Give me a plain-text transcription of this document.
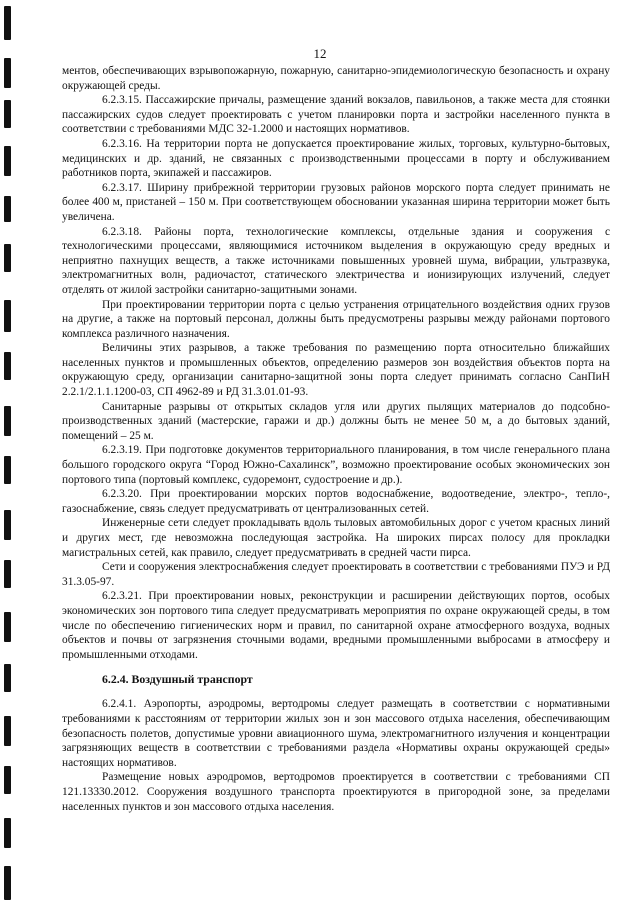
12

ментов, обеспечивающих взрывопожарную, пожарную, санитарно-эпидемиологическую безопасность и охрану окружающей среды.

6.2.3.15. Пассажирские причалы, размещение зданий вокзалов, павильонов, а также места для стоянки пассажирских судов следует проектировать с учетом планировки порта и застройки населенного пункта в соответствии с требованиями МДС 32-1.2000 и настоящих нормативов.

6.2.3.16. На территории порта не допускается проектирование жилых, торговых, культурно-бытовых, медицинских и др. зданий, не связанных с производственными процессами в порту и обслуживанием работников порта, экипажей и пассажиров.

6.2.3.17. Ширину прибрежной территории грузовых районов морского порта следует принимать не более 400 м, пристаней – 150 м. При соответствующем обосновании указанная ширина территории может быть увеличена.

6.2.3.18. Районы порта, технологические комплексы, отдельные здания и сооружения с технологическими процессами, являющимися источником выделения в окружающую среду вредных и неприятно пахнущих веществ, а также источниками повышенных уровней шума, вибрации, ультразвука, электромагнитных волн, радиочастот, статического электричества и ионизирующих излучений, следует отделять от жилой застройки санитарно-защитными зонами.

При проектировании территории порта с целью устранения отрицательного воздействия одних грузов на другие, а также на портовый персонал, должны быть предусмотрены разрывы между районами портового комплекса различного назначения.

Величины этих разрывов, а также требования по размещению порта относительно ближайших населенных пунктов и промышленных объектов, определению размеров зон воздействия объектов порта на окружающую среду, организации санитарно-защитной зоны порта следует принимать согласно СанПиН 2.2.1/2.1.1.1200-03, СП 4962-89 и РД 31.3.01.01-93.

Санитарные разрывы от открытых складов угля или других пылящих материалов до подсобно-производственных зданий (мастерские, гаражи и др.) должны быть не менее 50 м, а до бытовых зданий, помещений – 25 м.

6.2.3.19. При подготовке документов территориального планирования, в том числе генерального плана большого городского округа “Город Южно-Сахалинск”, возможно проектирование особых экономических зон портового типа (портовый комплекс, судоремонт, судостроение и др.).

6.2.3.20. При проектировании морских портов водоснабжение, водоотведение, электро-, тепло-, газоснабжение, связь следует предусматривать от централизованных сетей.

Инженерные сети следует прокладывать вдоль тыловых автомобильных дорог с учетом красных линий и других мест, где невозможна последующая застройка. На широких пирсах полосу для прокладки магистральных сетей, как правило, следует предусматривать в средней части пирса.

Сети и сооружения электроснабжения следует проектировать в соответствии с требованиями ПУЭ и РД 31.3.05-97.

6.2.3.21. При проектировании новых, реконструкции и расширении действующих портов, особых экономических зон портового типа следует предусматривать мероприятия по охране окружающей среды, в том числе по обеспечению гигиенических норм и правил, по санитарной охране атмосферного воздуха, водных объектов и почвы от загрязнения сточными водами, вредными промышленными выбросами в атмосферу и промышленными отходами.

6.2.4. Воздушный транспорт

6.2.4.1. Аэропорты, аэродромы, вертодромы следует размещать в соответствии с нормативными требованиями к расстояниям от территории жилых зон и зон массового отдыха населения, обеспечивающим безопасность полетов, допустимые уровни авиационного шума, электромагнитного излучения и концентрации загрязняющих веществ в соответствии с требованиями раздела «Нормативы охраны окружающей среды» настоящих нормативов.

Размещение новых аэродромов, вертодромов проектируется в соответствии с требованиями СП 121.13330.2012. Сооружения воздушного транспорта проектируются в пригородной зоне, за пределами населенных пунктов и зон массового отдыха населения.
